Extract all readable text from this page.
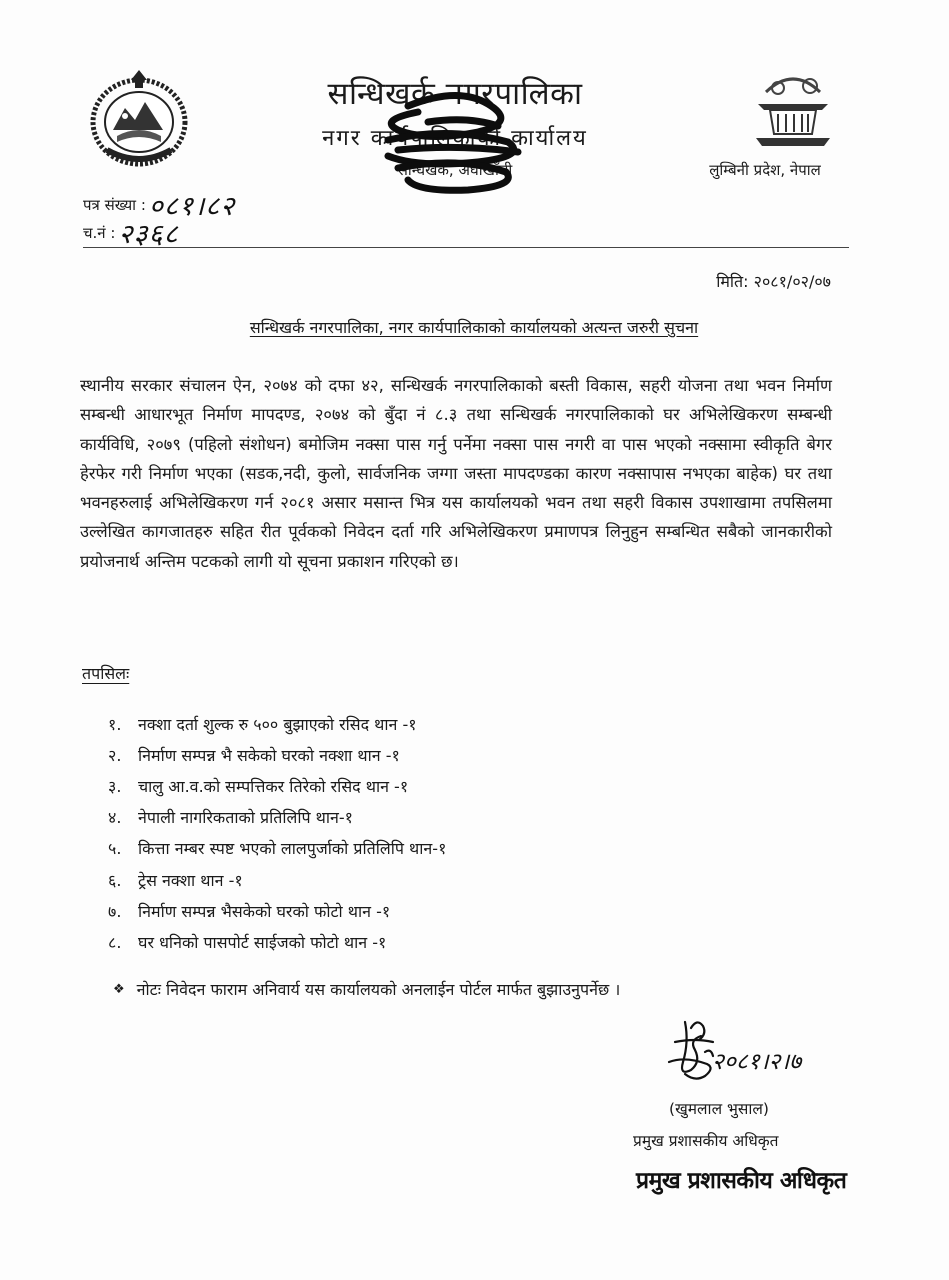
सन्धिखर्क नगरपालिका
नगर कार्यपालिकाको कार्यालय
सन्धिखर्क, अर्घाखाँची	लुम्बिनी प्रदेश, नेपाल
पत्र संख्या : ०८१।८२
च.नं : २३६८
मिति: २०८१/०२/०७
सन्धिखर्क नगरपालिका, नगर कार्यपालिकाको कार्यालयको अत्यन्त जरुरी सुचना
स्थानीय सरकार संचालन ऐन, २०७४ को दफा ४२, सन्धिखर्क नगरपालिकाको बस्ती विकास, सहरी योजना तथा भवन निर्माण सम्बन्धी आधारभूत निर्माण मापदण्ड, २०७४ को बुँदा नं ८.३ तथा सन्धिखर्क नगरपालिकाको घर अभिलेखिकरण सम्बन्धी कार्यविधि, २०७९ (पहिलो संशोधन) बमोजिम नक्सा पास गर्नु पर्नेमा नक्सा पास नगरी वा पास भएको नक्सामा स्वीकृति बेगर हेरफेर गरी निर्माण भएका (सडक,नदी, कुलो, सार्वजनिक जग्गा जस्ता मापदण्डका कारण नक्सापास नभएका बाहेक) घर तथा भवनहरुलाई अभिलेखिकरण गर्न २०८१ असार मसान्त भित्र यस कार्यालयको भवन तथा सहरी विकास उपशाखामा तपसिलमा उल्लेखित कागजातहरु सहित रीत पूर्वकको निवेदन दर्ता गरि अभिलेखिकरण प्रमाणपत्र लिनुहुन सम्बन्धित सबैको जानकारीको प्रयोजनार्थ अन्तिम पटकको लागी यो सूचना प्रकाशन गरिएको छ।
तपसिलः
१.	नक्शा दर्ता शुल्क रु ५०० बुझाएको रसिद थान -१
२.	निर्माण सम्पन्न भै सकेको घरको नक्शा थान -१
३.	चालु आ.व.को सम्पत्तिकर तिरेको रसिद थान -१
४.	नेपाली नागरिकताको प्रतिलिपि थान-१
५.	कित्ता नम्बर स्पष्ट भएको लालपुर्जाको प्रतिलिपि थान-१
६.	ट्रेस नक्शा थान -१
७.	निर्माण सम्पन्न भैसकेको घरको फोटो थान -१
८.	घर धनिको पासपोर्ट साईजको फोटो थान -१
❖ नोटः निवेदन फाराम अनिवार्य यस कार्यालयको अनलाईन पोर्टल मार्फत बुझाउनुपर्नेछ ।
२०८१।२।७
(खुमलाल भुसाल)
प्रमुख प्रशासकीय अधिकृत
प्रमुख प्रशासकीय अधिकृत
